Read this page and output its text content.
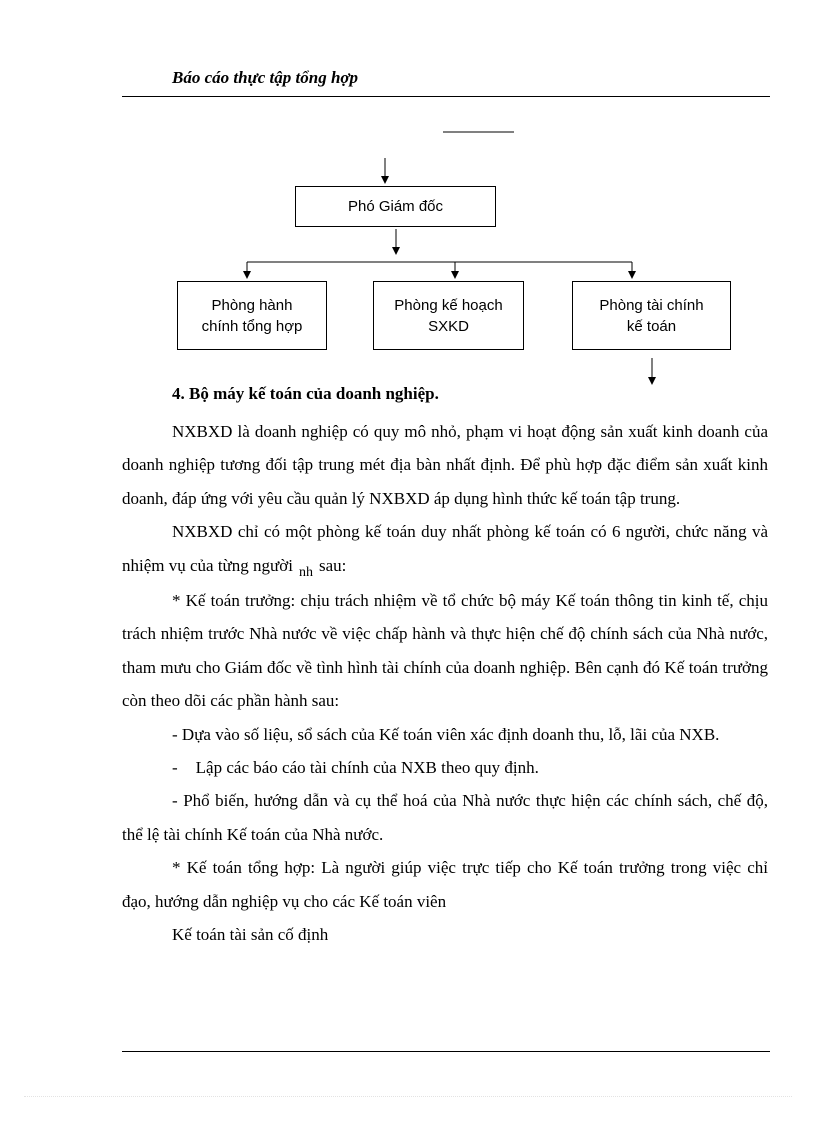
Báo cáo thực tập tổng hợp
Phó Giám đốc
Phòng hành
chính tổng hợp
Phòng kế hoạch
SXKD
Phòng tài chính
kế toán
4. Bộ máy kế toán của doanh nghiệp.

NXBXD là doanh nghiệp có quy mô nhỏ, phạm vi hoạt động sản xuất kinh doanh của doanh nghiệp tương đối tập trung mét địa bàn nhất định. Để phù hợp đặc điểm sản xuất kinh doanh, đáp ứng với yêu cầu quản lý NXBXD áp dụng hình thức kế toán tập trung.

NXBXD chỉ có một phòng kế toán duy nhất phòng kế toán có 6 người, chức năng và nhiệm vụ của từng người $_{nh}$ sau:

* Kế toán trưởng: chịu trách nhiệm về tổ chức bộ máy Kế toán thông tin kinh tế, chịu trách nhiệm trước Nhà nước về việc chấp hành và thực hiện chế độ chính sách của Nhà nước, tham mưu cho Giám đốc về tình hình tài chính của doanh nghiệp. Bên cạnh đó Kế toán trưởng còn theo dõi các phần hành sau:

- Dựa vào số liệu, sổ sách của Kế toán viên xác định doanh thu, lỗ, lãi của NXB.

- Lập các báo cáo tài chính của NXB theo quy định.

- Phổ biến, hướng dẫn và cụ thể hoá của Nhà nước thực hiện các chính sách, chế độ, thể lệ tài chính Kế toán của Nhà nước.

* Kế toán tổng hợp: Là người giúp việc trực tiếp cho Kế toán trưởng trong việc chỉ đạo, hướng dẫn nghiệp vụ cho các Kế toán viên

Kế toán tài sản cố định
